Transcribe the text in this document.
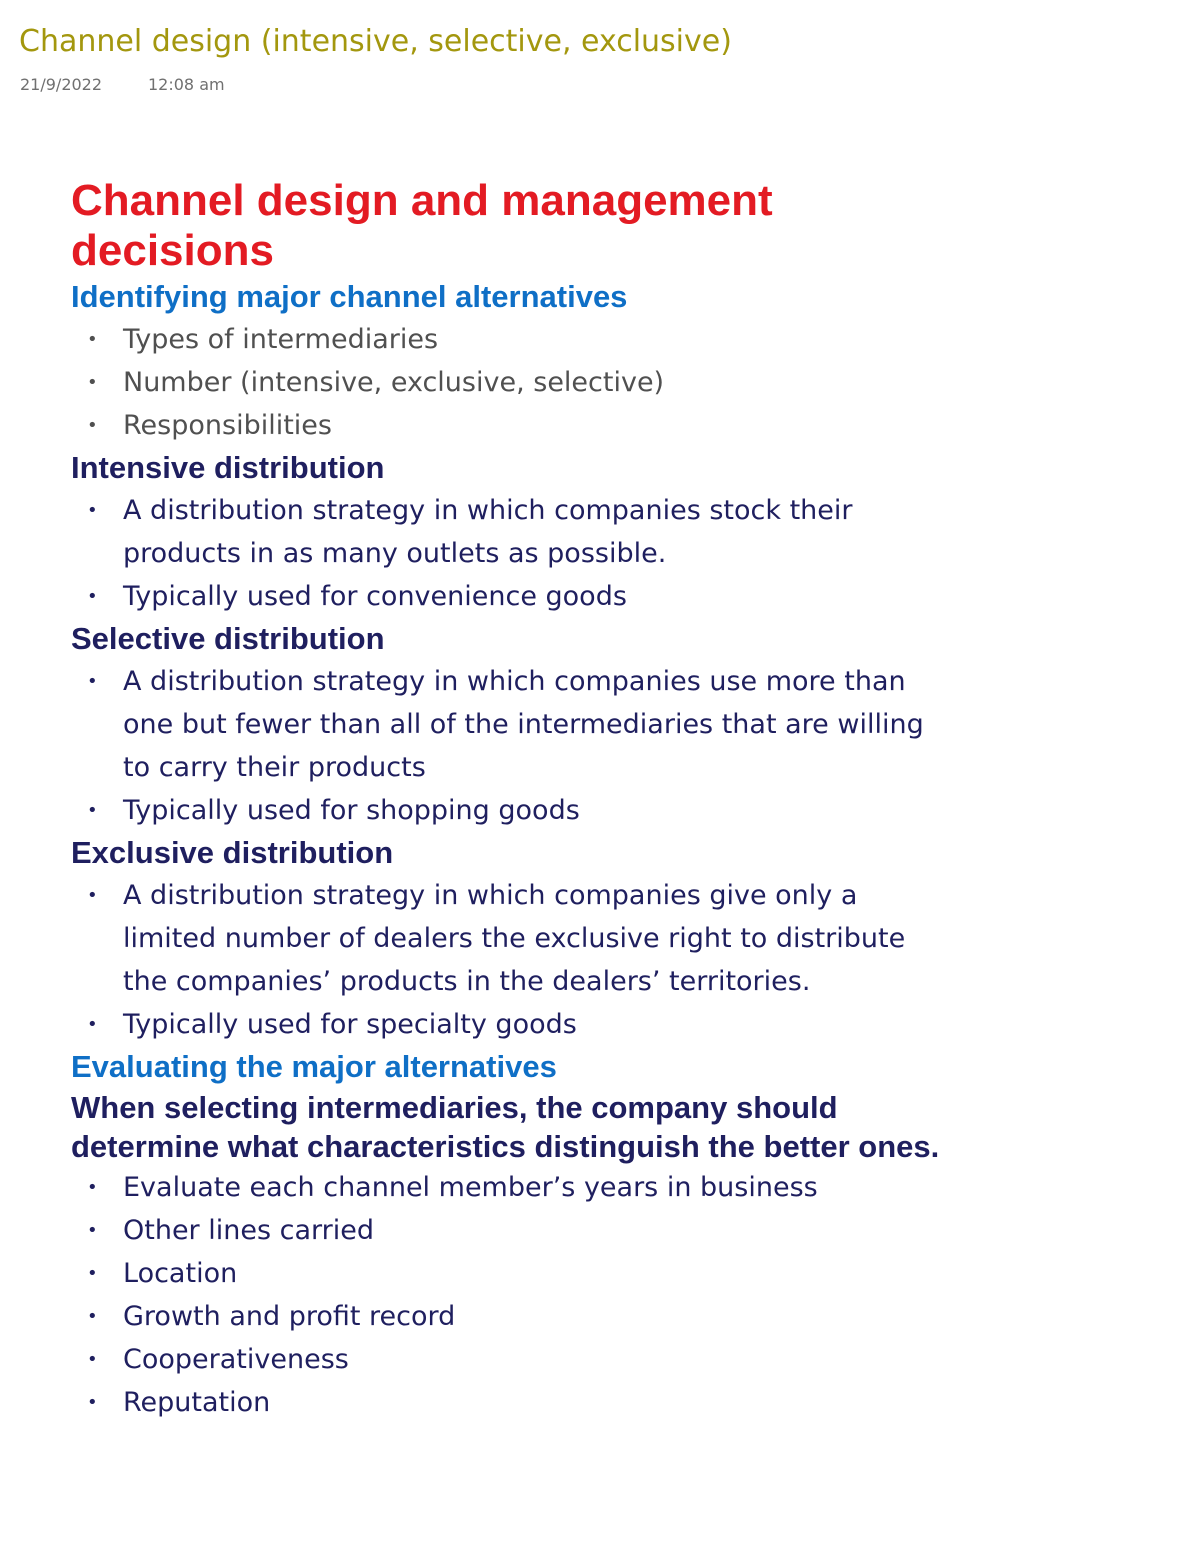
Channel design (intensive, selective, exclusive)
21/9/2022	12:08 am
Channel design and management decisions
Identifying major channel alternatives
• Types of intermediaries
• Number (intensive, exclusive, selective)
• Responsibilities
Intensive distribution
• A distribution strategy in which companies stock their products in as many outlets as possible.
• Typically used for convenience goods
Selective distribution
• A distribution strategy in which companies use more than one but fewer than all of the intermediaries that are willing to carry their products
• Typically used for shopping goods
Exclusive distribution
• A distribution strategy in which companies give only a limited number of dealers the exclusive right to distribute the companies’ products in the dealers’ territories.
• Typically used for specialty goods
Evaluating the major alternatives

When selecting intermediaries, the company should determine what characteristics distinguish the better ones.

• Evaluate each channel member’s years in business
• Other lines carried
• Location
• Growth and profit record
• Cooperativeness
• Reputation
